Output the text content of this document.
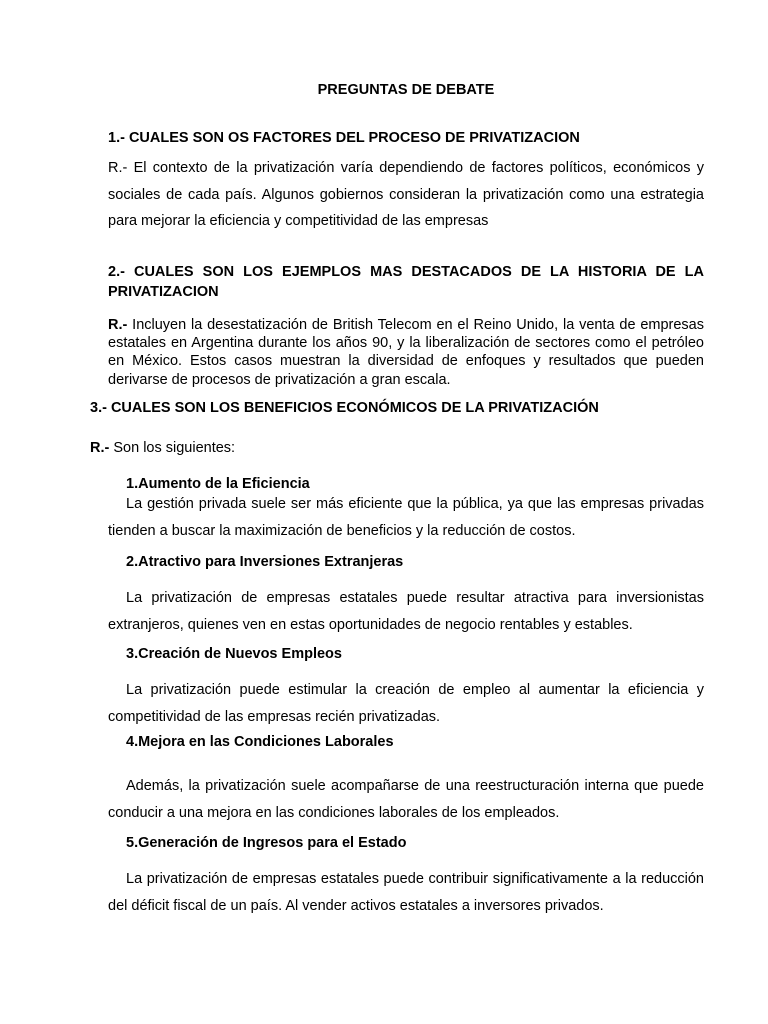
PREGUNTAS DE DEBATE
1.- CUALES SON OS FACTORES DEL PROCESO DE PRIVATIZACION
R.- El contexto de la privatización varía dependiendo de factores políticos, económicos y sociales de cada país. Algunos gobiernos consideran la privatización como una estrategia para mejorar la eficiencia y competitividad de las empresas
2.- CUALES SON LOS EJEMPLOS MAS DESTACADOS DE LA HISTORIA DE LA PRIVATIZACION
R.- Incluyen la desestatización de British Telecom en el Reino Unido, la venta de empresas estatales en Argentina durante los años 90, y la liberalización de sectores como el petróleo en México. Estos casos muestran la diversidad de enfoques y resultados que pueden derivarse de procesos de privatización a gran escala.
3.- CUALES SON LOS BENEFICIOS ECONÓMICOS DE LA PRIVATIZACIÓN
R.- Son los siguientes:
1.Aumento de la Eficiencia
La gestión privada suele ser más eficiente que la pública, ya que las empresas privadas tienden a buscar la maximización de beneficios y la reducción de costos.
2.Atractivo para Inversiones Extranjeras
La privatización de empresas estatales puede resultar atractiva para inversionistas extranjeros, quienes ven en estas oportunidades de negocio rentables y estables.
3.Creación de Nuevos Empleos
La privatización puede estimular la creación de empleo al aumentar la eficiencia y competitividad de las empresas recién privatizadas.
4.Mejora en las Condiciones Laborales
Además, la privatización suele acompañarse de una reestructuración interna que puede conducir a una mejora en las condiciones laborales de los empleados.
5.Generación de Ingresos para el Estado
La privatización de empresas estatales puede contribuir significativamente a la reducción del déficit fiscal de un país. Al vender activos estatales a inversores privados.
